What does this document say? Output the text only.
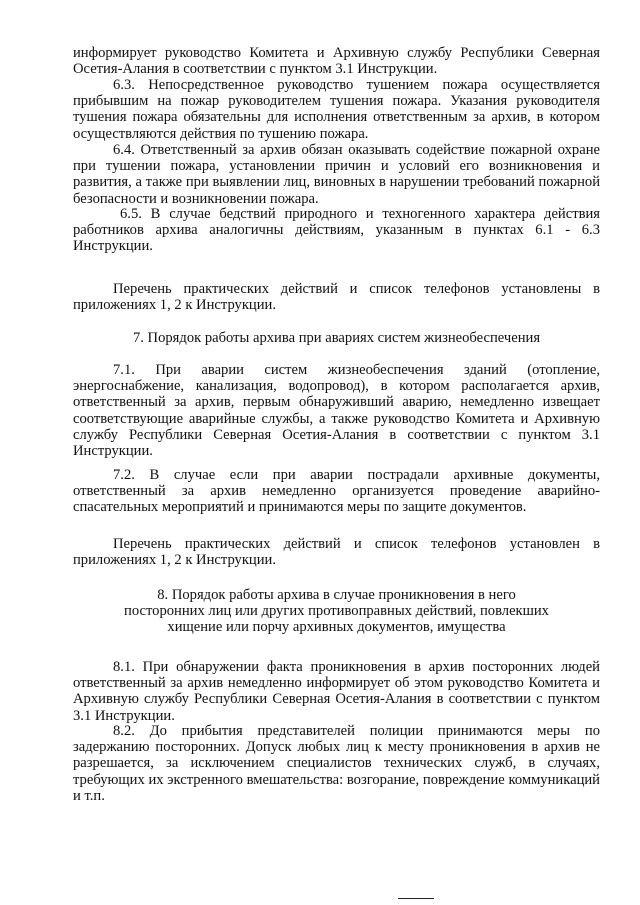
информирует руководство Комитета и Архивную службу Республики Северная Осетия-Алания в соответствии с пунктом 3.1 Инструкции.

6.3. Непосредственное руководство тушением пожара осуществляется прибывшим на пожар руководителем тушения пожара. Указания руководителя тушения пожара обязательны для исполнения ответственным за архив, в котором осуществляются действия по тушению пожара.

6.4. Ответственный за архив обязан оказывать содействие пожарной охране при тушении пожара, установлении причин и условий его возникновения и развития, а также при выявлении лиц, виновных в нарушении требований пожарной безопасности и возникновении пожара.

6.5. В случае бедствий природного и техногенного характера действия работников архива аналогичны действиям, указанным в пунктах 6.1 - 6.3 Инструкции.

Перечень практических действий и список телефонов установлены в приложениях 1, 2 к Инструкции.

7. Порядок работы архива при авариях систем жизнеобеспечения

7.1. При аварии систем жизнеобеспечения зданий (отопление, энергоснабжение, канализация, водопровод), в котором располагается архив, ответственный за архив, первым обнаруживший аварию, немедленно извещает соответствующие аварийные службы, а также руководство Комитета и Архивную службу Республики Северная Осетия-Алания в соответствии с пунктом 3.1 Инструкции.

7.2. В случае если при аварии пострадали архивные документы, ответственный за архив немедленно организуется проведение аварийно-спасательных мероприятий и принимаются меры по защите документов.

Перечень практических действий и список телефонов установлен в приложениях 1, 2 к Инструкции.

8. Порядок работы архива в случае проникновения в него
посторонних лиц или других противоправных действий, повлекших
хищение или порчу архивных документов, имущества

8.1. При обнаружении факта проникновения в архив посторонних людей ответственный за архив немедленно информирует об этом руководство Комитета и Архивную службу Республики Северная Осетия-Алания в соответствии с пунктом 3.1 Инструкции.

8.2. До прибытия представителей полиции принимаются меры по задержанию посторонних. Допуск любых лиц к месту проникновения в архив не разрешается, за исключением специалистов технических служб, в случаях, требующих их экстренного вмешательства: возгорание, повреждение коммуникаций и т.п.
